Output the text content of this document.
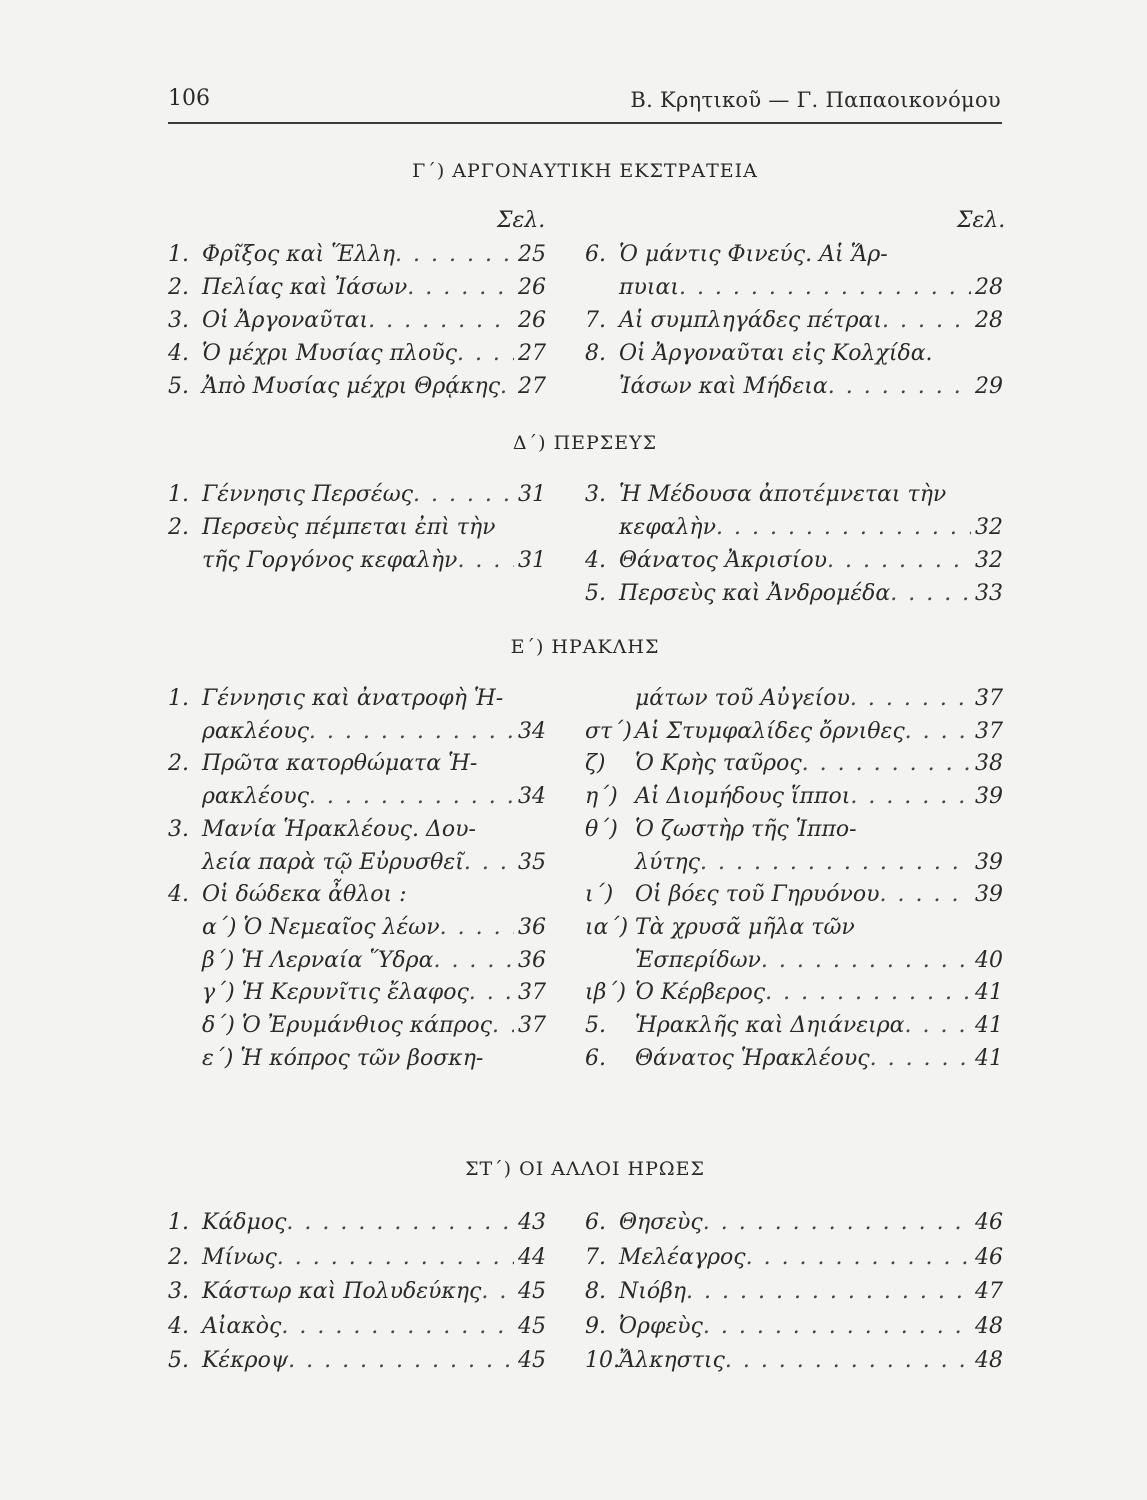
106	Β. Κρητικοῦ — Γ. Παπαοικονόμου
Γ΄) ΑΡΓΟΝΑΥΤΙΚΗ ΕΚΣΤΡΑΤΕΙΑ
Σελ.	Σελ.
1. Φρῖξος καὶ Ἕλλη . . .	25
2. Πελίας καὶ Ἰάσων . . .	26
3. Οἱ Ἀργοναῦται . . .	26
4. Ὁ μέχρι Μυσίας πλοῦς . . .	27
5. Ἀπὸ Μυσίας μέχρι Θρᾴκης . . . 27
6. Ὁ μάντις Φινεύς. Αἱ Ἅρ-
πυιαι . . .	28
7. Αἱ συμπληγάδες πέτραι . . .	28
8. Οἱ Ἀργοναῦται εἰς Κολχίδα.
Ἰάσων καὶ Μήδεια . . .	29
Δ΄) ΠΕΡΣΕΥΣ
1. Γέννησις Περσέως . . .	31
2. Περσεὺς πέμπεται ἐπὶ τὴν
τῆς Γοργόνος κεφαλὴν . . .	31
3. Ἡ Μέδουσα ἀποτέμνεται τὴν
κεφαλὴν . . .	32
4. Θάνατος Ἀκρισίου . . .	32
5. Περσεὺς καὶ Ἀνδρομέδα . . .	33
Ε΄) ΗΡΑΚΛΗΣ
1. Γέννησις καὶ ἀνατροφὴ Ἡ-
ρακλέους . . .	34
2. Πρῶτα κατορθώματα Ἡ-
ρακλέους . . .	34
3. Μανία Ἡρακλέους. Δου-
λεία παρὰ τῷ Εὐρυσθεῖ . . . 35
4. Οἱ δώδεκα ἆθλοι :
α΄) Ὁ Νεμεαῖος λέων . . .	36
β΄) Ἡ Λερναία Ὕδρα . . .	36
γ΄) Ἡ Κερυνῖτις ἔλαφος . . . 37
δ΄) Ὁ Ἐρυμάνθιος κάπρος . . . 37
ε΄) Ἡ κόπρος τῶν βοσκη-
μάτων τοῦ Αὐγείου . . .	37
στ΄) Αἱ Στυμφαλίδες ὄρνιθες . . .	37
ζ)	Ὁ Κρὴς ταῦρος . . .	38
η΄) Αἱ Διομήδους ἵπποι . . .	39
θ΄) Ὁ ζωστὴρ τῆς Ἱππο-
λύτης . . .	39
ι΄) Οἱ βόες τοῦ Γηρυόνου . . .	39
ια΄) Τὰ χρυσᾶ μῆλα τῶν
Ἑσπερίδων . . .	40
ιβ΄) Ὁ Κέρβερος . . .	41
5.	Ἡρακλῆς καὶ Δηιάνειρα . . .	41
6.	Θάνατος Ἡρακλέους . . .	41
ΣΤ΄) ΟΙ ΑΛΛΟΙ ΗΡΩΕΣ
1. Κάδμος . . .	43
2. Μίνως . . .	44
3. Κάστωρ καὶ Πολυδεύκης . . . 45
4. Αἰακὸς . . .	45
5. Κέκροψ . . .	45
6. Θησεὺς . . .	46
7. Μελέαγρος . . .	46
8. Νιόβη . . .	47
9. Ὀρφεὺς . . .	48
10. Ἄλκηστις . . .	48
